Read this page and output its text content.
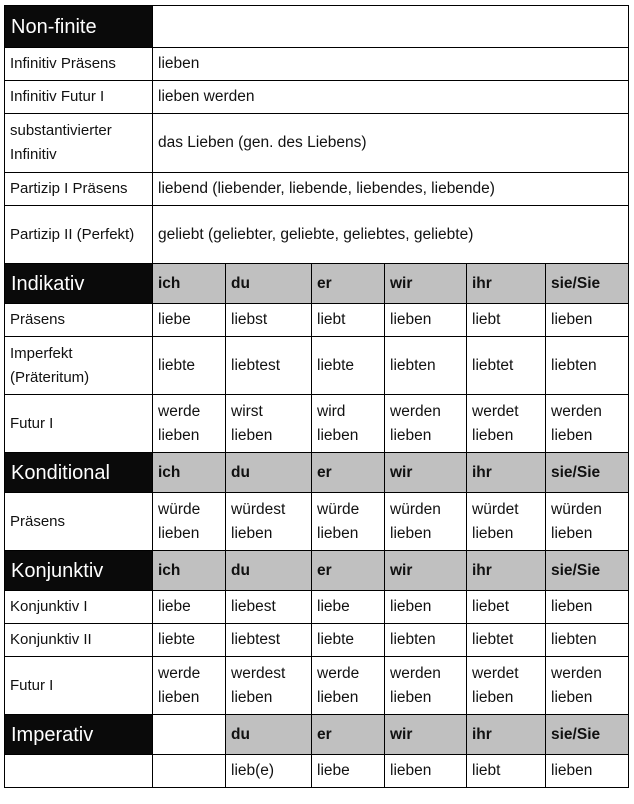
Non-finite						
Infinitiv Präsens	lieben					
Infinitiv Futur I	lieben werden					
substantivierter Infinitiv	das Lieben (gen. des Liebens)					
Partizip I Präsens	liebend (liebender, liebende, liebendes, liebende)					
Partizip II (Perfekt)	geliebt (geliebter, geliebte, geliebtes, geliebte)					
Indikativ	ich	du	er	wir	ihr	sie/Sie
Präsens	liebe	liebst	liebt	lieben	liebt	lieben
Imperfekt (Präteritum)	liebte	liebtest	liebte	liebten	liebtet	liebten
Futur I	werde lieben	wirst lieben	wird lieben	werden lieben	werdet lieben	werden lieben
Konditional	ich	du	er	wir	ihr	sie/Sie
Präsens	würde lieben	würdest lieben	würde lieben	würden lieben	würdet lieben	würden lieben
Konjunktiv	ich	du	er	wir	ihr	sie/Sie
Konjunktiv I	liebe	liebest	liebe	lieben	liebet	lieben
Konjunktiv II	liebte	liebtest	liebte	liebten	liebtet	liebten
Futur I	werde lieben	werdest lieben	werde lieben	werden lieben	werdet lieben	werden lieben
Imperativ		du	er	wir	ihr	sie/Sie
		lieb(e)	liebe	lieben	liebt	lieben
